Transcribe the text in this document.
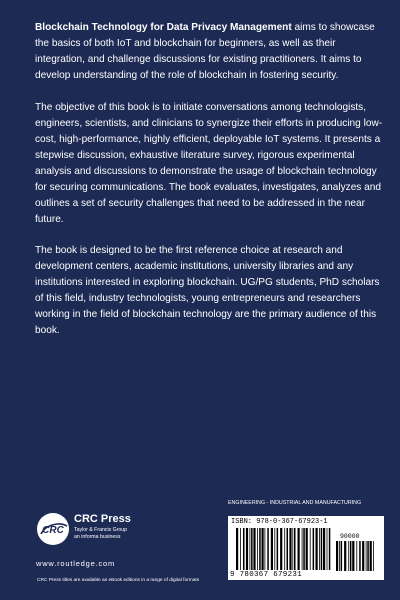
Blockchain Technology for Data Privacy Management aims to showcase the basics of both IoT and blockchain for beginners, as well as their integration, and challenge discussions for existing practitioners. It aims to develop understanding of the role of blockchain in fostering security.

The objective of this book is to initiate conversations among technologists, engineers, scientists, and clinicians to synergize their efforts in producing low-cost, high-performance, highly efficient, deployable IoT systems. It presents a stepwise discussion, exhaustive literature survey, rigorous experimental analysis and discussions to demonstrate the usage of blockchain technology for securing communications. The book evaluates, investigates, analyzes and outlines a set of security challenges that need to be addressed in the near future.

The book is designed to be the first reference choice at research and development centers, academic institutions, university libraries and any institutions interested in exploring blockchain. UG/PG students, PhD scholars of this field, industry technologists, young entrepreneurs and researchers working in the field of blockchain technology are the primary audience of this book.

CRC
CRC Press
Taylor & Francis Group
an informa business
www.routledge.com
CRC Press titles are available as eBook editions in a range of digital formats
ENGINEERING - INDUSTRIAL AND MANUFACTURING
ISBN: 978-0-367-67923-1
90000
9 780367 679231
